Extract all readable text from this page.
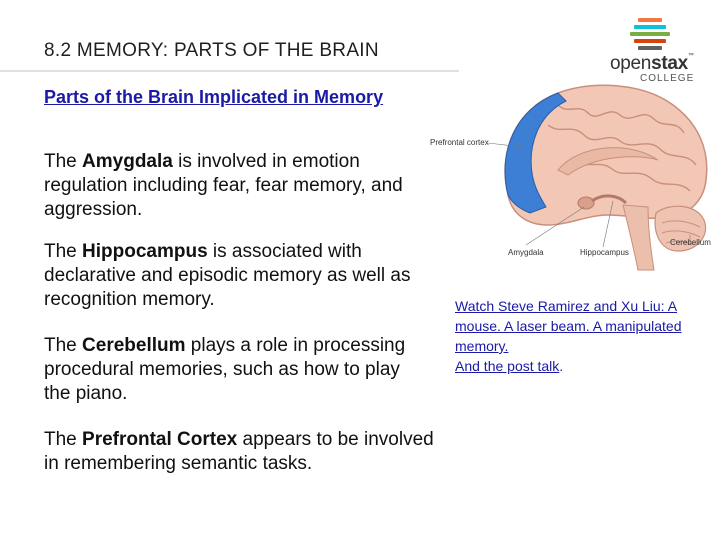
8.2 MEMORY: PARTS OF THE BRAIN
openstax™
COLLEGE
Parts of the Brain Implicated in Memory
The Amygdala is involved in emotion regulation including fear, fear memory, and aggression.
The Hippocampus is associated with declarative and episodic memory as well as recognition memory.
The Cerebellum plays a role in processing procedural memories, such as how to play the piano.
The Prefrontal Cortex appears to be involved in remembering semantic tasks.
Prefrontal cortex
Amygdala	Hippocampus
Cerebellum
Watch Steve Ramirez and Xu Liu: A mouse. A laser beam. A manipulated memory.
And the post talk.
